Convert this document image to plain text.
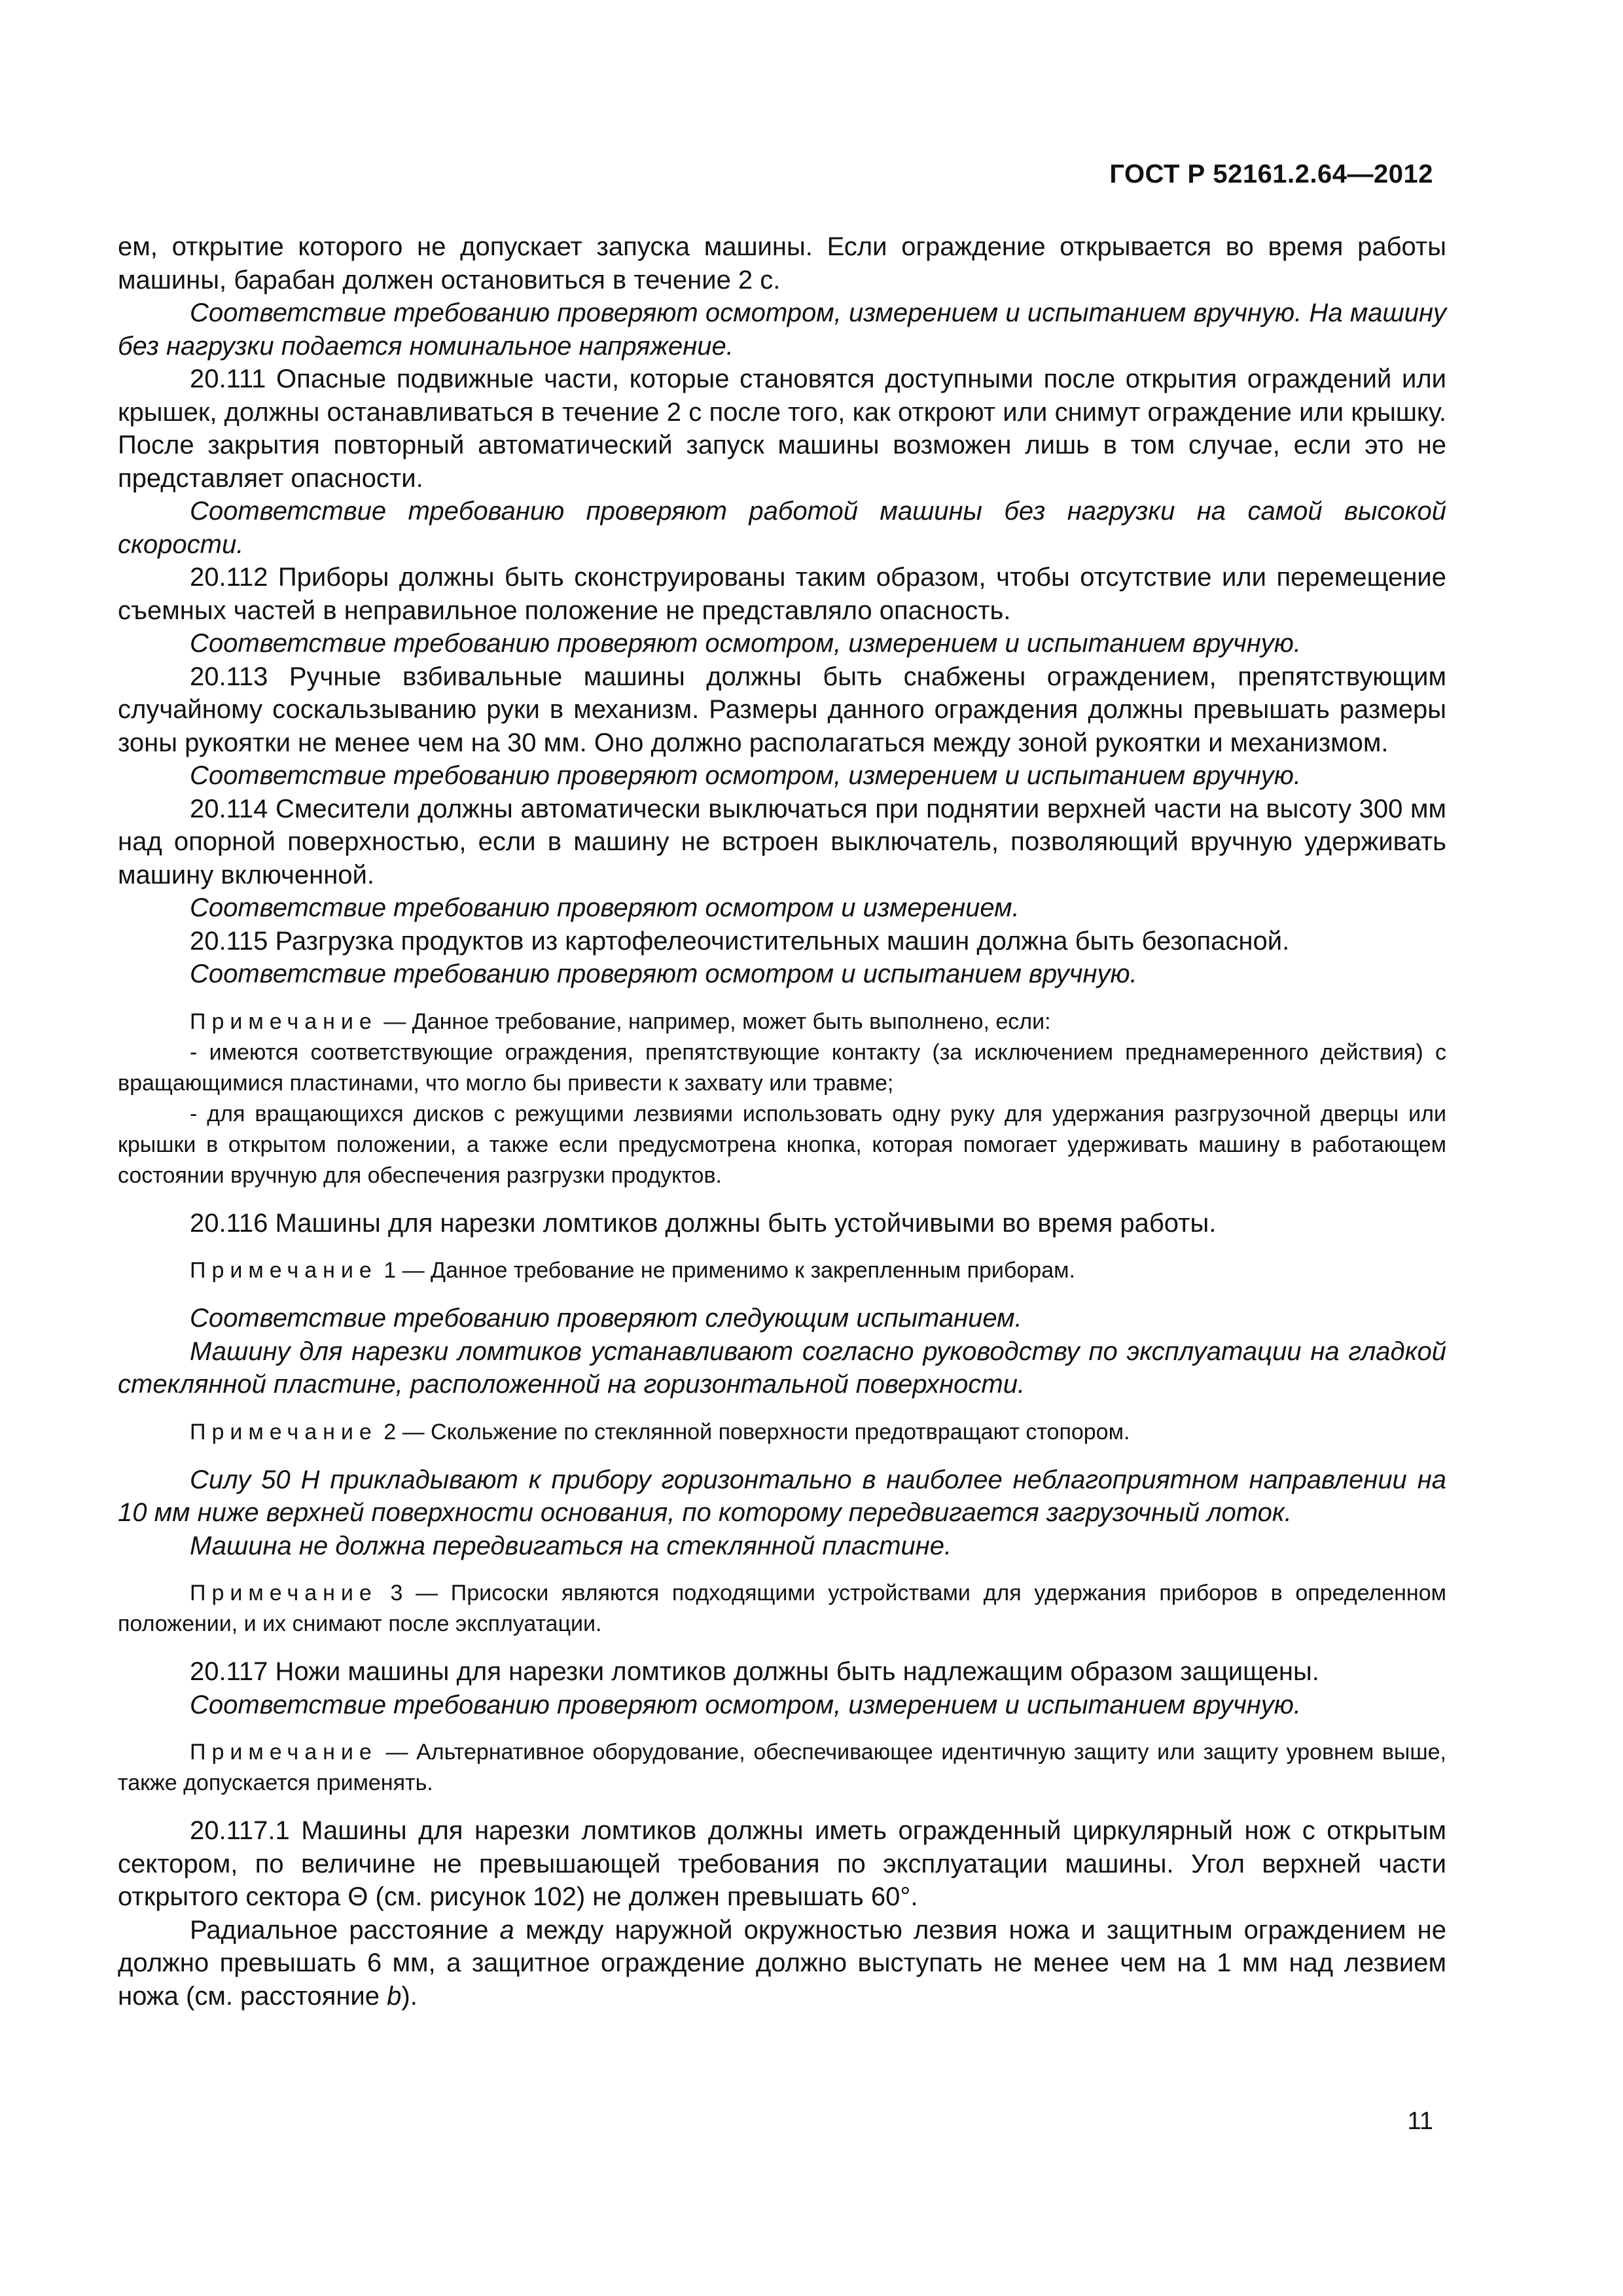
ГОСТ Р 52161.2.64—2012

ем, открытие которого не допускает запуска машины. Если ограждение открывается во время работы машины, барабан должен остановиться в течение 2 с.

Соответствие требованию проверяют осмотром, измерением и испытанием вручную. На машину без нагрузки подается номинальное напряжение.

20.111 Опасные подвижные части, которые становятся доступными после открытия ограждений или крышек, должны останавливаться в течение 2 с после того, как откроют или снимут ограждение или крышку. После закрытия повторный автоматический запуск машины возможен лишь в том случае, если это не представляет опасности.

Соответствие требованию проверяют работой машины без нагрузки на самой высокой скорости.

20.112 Приборы должны быть сконструированы таким образом, чтобы отсутствие или перемещение съемных частей в неправильное положение не представляло опасность.

Соответствие требованию проверяют осмотром, измерением и испытанием вручную.

20.113 Ручные взбивальные машины должны быть снабжены ограждением, препятствующим случайному соскальзыванию руки в механизм. Размеры данного ограждения должны превышать размеры зоны рукоятки не менее чем на 30 мм. Оно должно располагаться между зоной рукоятки и механизмом.

Соответствие требованию проверяют осмотром, измерением и испытанием вручную.

20.114 Смесители должны автоматически выключаться при поднятии верхней части на высоту 300 мм над опорной поверхностью, если в машину не встроен выключатель, позволяющий вручную удерживать машину включенной.

Соответствие требованию проверяют осмотром и измерением.

20.115 Разгрузка продуктов из картофелеочистительных машин должна быть безопасной.

Соответствие требованию проверяют осмотром и испытанием вручную.

Примечание — Данное требование, например, может быть выполнено, если:

- имеются соответствующие ограждения, препятствующие контакту (за исключением преднамеренного действия) с вращающимися пластинами, что могло бы привести к захвату или травме;

- для вращающихся дисков с режущими лезвиями использовать одну руку для удержания разгрузочной дверцы или крышки в открытом положении, а также если предусмотрена кнопка, которая помогает удерживать машину в работающем состоянии вручную для обеспечения разгрузки продуктов.

20.116 Машины для нарезки ломтиков должны быть устойчивыми во время работы.

Примечание 1 — Данное требование не применимо к закрепленным приборам.

Соответствие требованию проверяют следующим испытанием.

Машину для нарезки ломтиков устанавливают согласно руководству по эксплуатации на гладкой стеклянной пластине, расположенной на горизонтальной поверхности.

Примечание 2 — Скольжение по стеклянной поверхности предотвращают стопором.

Силу 50 Н прикладывают к прибору горизонтально в наиболее неблагоприятном направлении на 10 мм ниже верхней поверхности основания, по которому передвигается загрузочный лоток.

Машина не должна передвигаться на стеклянной пластине.

Примечание 3 — Присоски являются подходящими устройствами для удержания приборов в определенном положении, и их снимают после эксплуатации.

20.117 Ножи машины для нарезки ломтиков должны быть надлежащим образом защищены.

Соответствие требованию проверяют осмотром, измерением и испытанием вручную.

Примечание — Альтернативное оборудование, обеспечивающее идентичную защиту или защиту уровнем выше, также допускается применять.

20.117.1 Машины для нарезки ломтиков должны иметь огражденный циркулярный нож с открытым сектором, по величине не превышающей требования по эксплуатации машины. Угол верхней части открытого сектора Θ (см. рисунок 102) не должен превышать 60°.

Радиальное расстояние a между наружной окружностью лезвия ножа и защитным ограждением не должно превышать 6 мм, а защитное ограждение должно выступать не менее чем на 1 мм над лезвием ножа (см. расстояние b).

11
